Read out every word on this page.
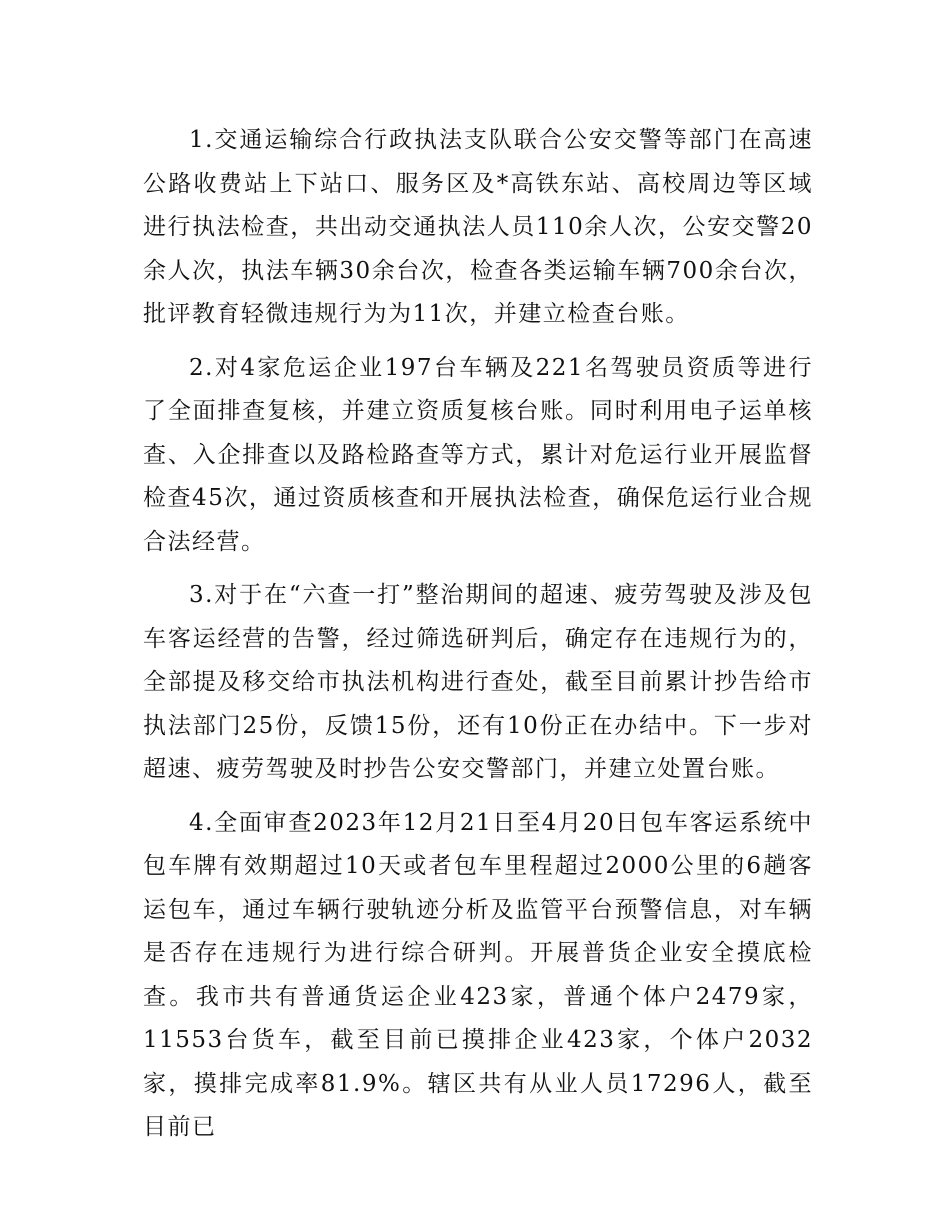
1.交通运输综合行政执法支队联合公安交警等部门在高速公路收费站上下站口、服务区及*高铁东站、高校周边等区域进行执法检查，共出动交通执法人员110余人次，公安交警20余人次，执法车辆30余台次，检查各类运输车辆700余台次，批评教育轻微违规行为为11次，并建立检查台账。

2.对4家危运企业197台车辆及221名驾驶员资质等进行了全面排查复核，并建立资质复核台账。同时利用电子运单核查、入企排查以及路检路查等方式，累计对危运行业开展监督检查45次，通过资质核查和开展执法检查，确保危运行业合规合法经营。

3.对于在“六查一打”整治期间的超速、疲劳驾驶及涉及包车客运经营的告警，经过筛选研判后，确定存在违规行为的，全部提及移交给市执法机构进行查处，截至目前累计抄告给市执法部门25份，反馈15份，还有10份正在办结中。下一步对超速、疲劳驾驶及时抄告公安交警部门，并建立处置台账。

4.全面审查2023年12月21日至4月20日包车客运系统中包车牌有效期超过10天或者包车里程超过2000公里的6趟客运包车，通过车辆行驶轨迹分析及监管平台预警信息，对车辆是否存在违规行为进行综合研判。开展普货企业安全摸底检查。我市共有普通货运企业423家，普通个体户2479家，11553台货车，截至目前已摸排企业423家，个体户2032家，摸排完成率81.9%。辖区共有从业人员17296人，截至目前已
